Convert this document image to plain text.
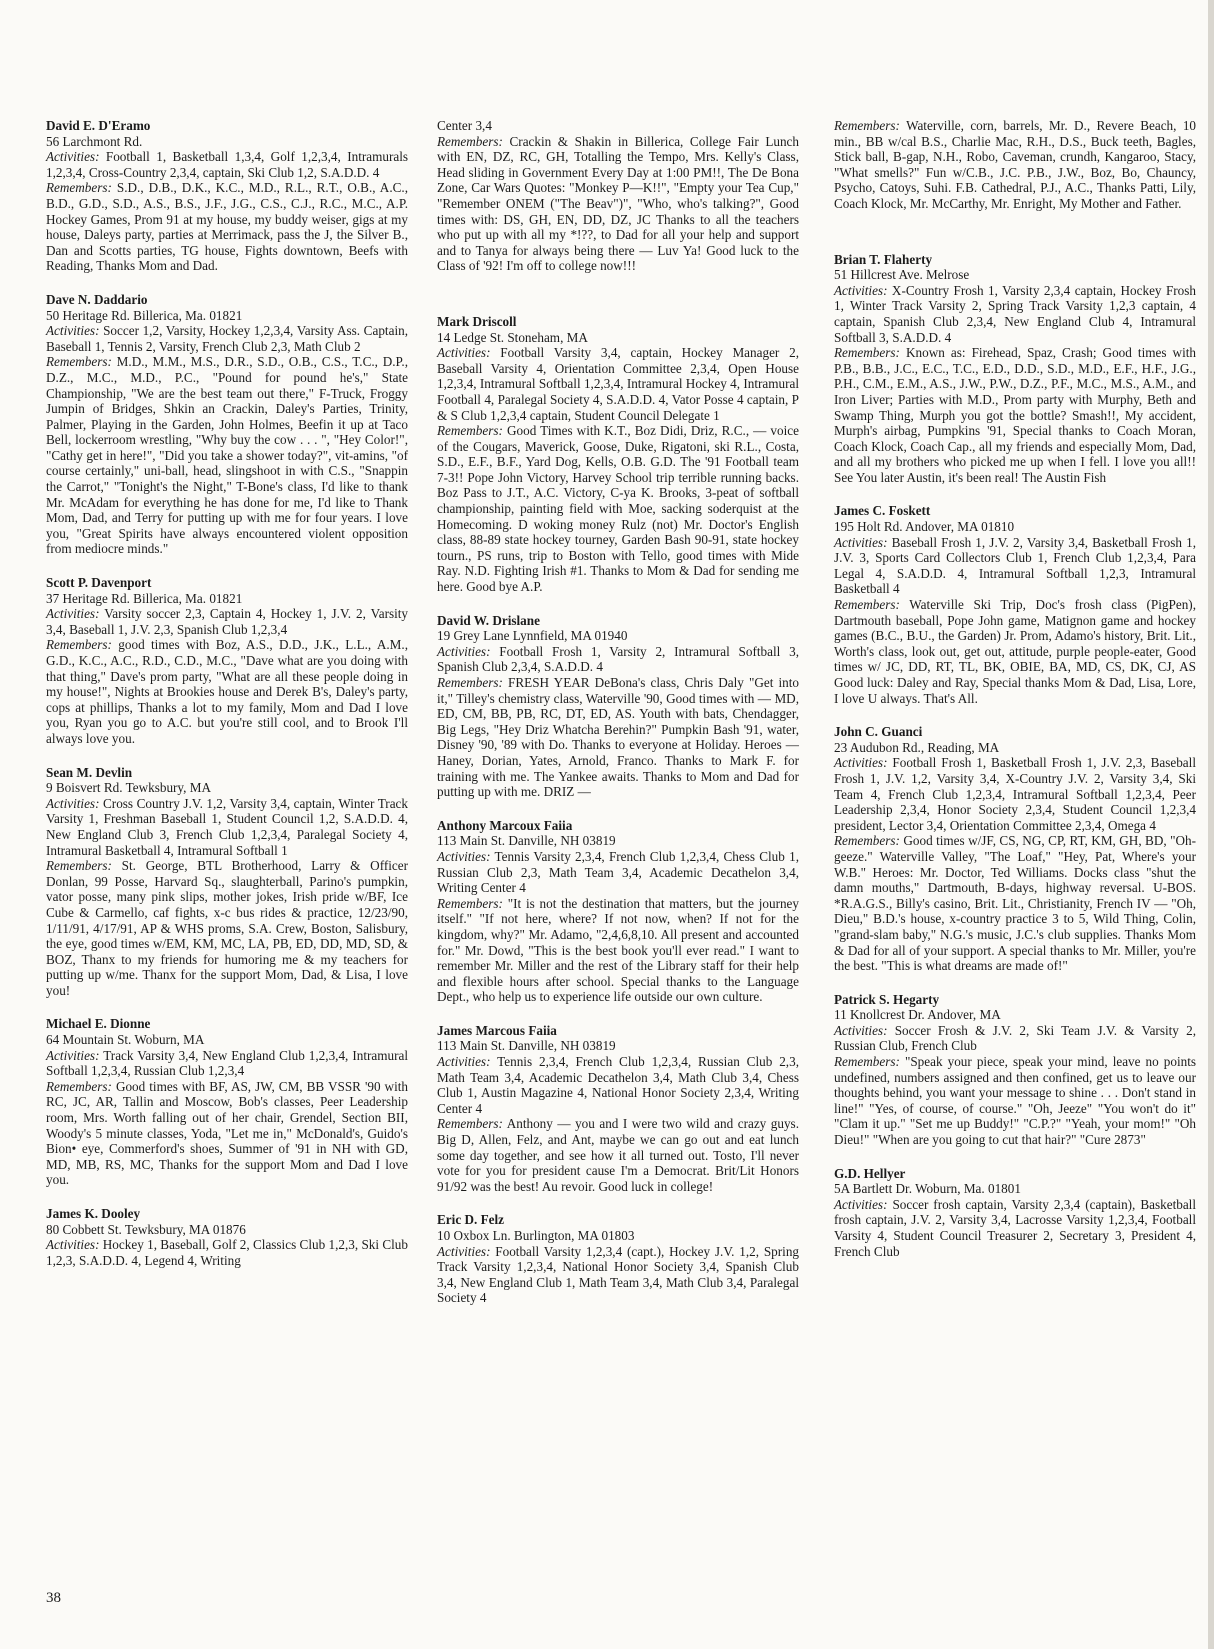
David E. D'Eramo
56 Larchmont Rd.
Activities: Football 1, Basketball 1,3,4, Golf 1,2,3,4, Intramurals 1,2,3,4, Cross-Country 2,3,4, captain, Ski Club 1,2, S.A.D.D. 4
Remembers: S.D., D.B., D.K., K.C., M.D., R.L., R.T., O.B., A.C., B.D., G.D., S.D., A.S., B.S., J.F., J.G., C.S., C.J., R.C., M.C., A.P. Hockey Games, Prom 91 at my house, my buddy weiser, gigs at my house, Daleys party, parties at Merrimack, pass the J, the Silver B., Dan and Scotts parties, TG house, Fights downtown, Beefs with Reading, Thanks Mom and Dad.
Dave N. Daddario
50 Heritage Rd. Billerica, Ma. 01821
Activities: Soccer 1,2, Varsity, Hockey 1,2,3,4, Varsity Ass. Captain, Baseball 1, Tennis 2, Varsity, French Club 2,3, Math Club 2
Remembers: M.D., M.M., M.S., D.R., S.D., O.B., C.S., T.C., D.P., D.Z., M.C., M.D., P.C., "Pound for pound he's," State Championship, "We are the best team out there," F-Truck, Froggy Jumpin of Bridges, Shkin an Crackin, Daley's Parties, Trinity, Palmer, Playing in the Garden, John Holmes, Beefin it up at Taco Bell, lockerroom wrestling, "Why buy the cow . . . ", "Hey Color!", "Cathy get in here!", "Did you take a shower today?", vit-amins, "of course certainly," uni-ball, head, slingshoot in with C.S., "Snappin the Carrot," "Tonight's the Night," T-Bone's class, I'd like to thank Mr. McAdam for everything he has done for me, I'd like to Thank Mom, Dad, and Terry for putting up with me for four years. I love you, "Great Spirits have always encountered violent opposition from mediocre minds."
Scott P. Davenport
37 Heritage Rd. Billerica, Ma. 01821
Activities: Varsity soccer 2,3, Captain 4, Hockey 1, J.V. 2, Varsity 3,4, Baseball 1, J.V. 2,3, Spanish Club 1,2,3,4
Remembers: good times with Boz, A.S., D.D., J.K., L.L., A.M., G.D., K.C., A.C., R.D., C.D., M.C., "Dave what are you doing with that thing," Dave's prom party, "What are all these people doing in my house!", Nights at Brookies house and Derek B's, Daley's party, cops at phillips, Thanks a lot to my family, Mom and Dad I love you, Ryan you go to A.C. but you're still cool, and to Brook I'll always love you.
Sean M. Devlin
9 Boisvert Rd. Tewksbury, MA
Activities: Cross Country J.V. 1,2, Varsity 3,4, captain, Winter Track Varsity 1, Freshman Baseball 1, Student Council 1,2, S.A.D.D. 4, New England Club 3, French Club 1,2,3,4, Paralegal Society 4, Intramural Basketball 4, Intramural Softball 1
Remembers: St. George, BTL Brotherhood, Larry & Officer Donlan, 99 Posse, Harvard Sq., slaughterball, Parino's pumpkin, vator posse, many pink slips, mother jokes, Irish pride w/BF, Ice Cube & Carmello, caf fights, x-c bus rides & practice, 12/23/90, 1/11/91, 4/17/91, AP & WHS proms, S.A. Crew, Boston, Salisbury, the eye, good times w/EM, KM, MC, LA, PB, ED, DD, MD, SD, & BOZ, Thanx to my friends for humoring me & my teachers for putting up w/me. Thanx for the support Mom, Dad, & Lisa, I love you!
Michael E. Dionne
64 Mountain St. Woburn, MA
Activities: Track Varsity 3,4, New England Club 1,2,3,4, Intramural Softball 1,2,3,4, Russian Club 1,2,3,4
Remembers: Good times with BF, AS, JW, CM, BB VSSR '90 with RC, JC, AR, Tallin and Moscow, Bob's classes, Peer Leadership room, Mrs. Worth falling out of her chair, Grendel, Section BII, Woody's 5 minute classes, Yoda, "Let me in," McDonald's, Guido's Bion• eye, Commerford's shoes, Summer of '91 in NH with GD, MD, MB, RS, MC, Thanks for the support Mom and Dad I love you.
James K. Dooley
80 Cobbett St. Tewksbury, MA 01876
Activities: Hockey 1, Baseball, Golf 2, Classics Club 1,2,3, Ski Club 1,2,3, S.A.D.D. 4, Legend 4, Writing
Center 3,4
Remembers: Crackin & Shakin in Billerica, College Fair Lunch with EN, DZ, RC, GH, Totalling the Tempo, Mrs. Kelly's Class, Head sliding in Government Every Day at 1:00 PM!!, The De Bona Zone, Car Wars Quotes: "Monkey P—K!!", "Empty your Tea Cup," "Remember ONEM ("The Beav")", "Who, who's talking?", Good times with: DS, GH, EN, DD, DZ, JC Thanks to all the teachers who put up with all my *!??, to Dad for all your help and support and to Tanya for always being there — Luv Ya! Good luck to the Class of '92! I'm off to college now!!!
Mark Driscoll
14 Ledge St. Stoneham, MA
Activities: Football Varsity 3,4, captain, Hockey Manager 2, Baseball Varsity 4, Orientation Committee 2,3,4, Open House 1,2,3,4, Intramural Softball 1,2,3,4, Intramural Hockey 4, Intramural Football 4, Paralegal Society 4, S.A.D.D. 4, Vator Posse 4 captain, P & S Club 1,2,3,4 captain, Student Council Delegate 1
Remembers: Good Times with K.T., Boz Didi, Driz, R.C., — voice of the Cougars, Maverick, Goose, Duke, Rigatoni, ski R.L., Costa, S.D., E.F., B.F., Yard Dog, Kells, O.B. G.D. The '91 Football team 7-3!! Pope John Victory, Harvey School trip terrible running backs. Boz Pass to J.T., A.C. Victory, C-ya K. Brooks, 3-peat of softball championship, painting field with Moe, sacking soderquist at the Homecoming. D woking money Rulz (not) Mr. Doctor's English class, 88-89 state hockey tourney, Garden Bash 90-91, state hockey tourn., PS runs, trip to Boston with Tello, good times with Mide Ray. N.D. Fighting Irish #1. Thanks to Mom & Dad for sending me here. Good bye A.P.
David W. Drislane
19 Grey Lane Lynnfield, MA 01940
Activities: Football Frosh 1, Varsity 2, Intramural Softball 3, Spanish Club 2,3,4, S.A.D.D. 4
Remembers: FRESH YEAR DeBona's class, Chris Daly "Get into it," Tilley's chemistry class, Waterville '90, Good times with — MD, ED, CM, BB, PB, RC, DT, ED, AS. Youth with bats, Chendagger, Big Legs, "Hey Driz Whatcha Berehin?" Pumpkin Bash '91, water, Disney '90, '89 with Do. Thanks to everyone at Holiday. Heroes — Haney, Dorian, Yates, Arnold, Franco. Thanks to Mark F. for training with me. The Yankee awaits. Thanks to Mom and Dad for putting up with me. DRIZ —
Anthony Marcoux Faiia
113 Main St. Danville, NH 03819
Activities: Tennis Varsity 2,3,4, French Club 1,2,3,4, Chess Club 1, Russian Club 2,3, Math Team 3,4, Academic Decathelon 3,4, Writing Center 4
Remembers: "It is not the destination that matters, but the journey itself." "If not here, where? If not now, when? If not for the kingdom, why?" Mr. Adamo, "2,4,6,8,10. All present and accounted for." Mr. Dowd, "This is the best book you'll ever read." I want to remember Mr. Miller and the rest of the Library staff for their help and flexible hours after school. Special thanks to the Language Dept., who help us to experience life outside our own culture.
James Marcous Faiia
113 Main St. Danville, NH 03819
Activities: Tennis 2,3,4, French Club 1,2,3,4, Russian Club 2,3, Math Team 3,4, Academic Decathelon 3,4, Math Club 3,4, Chess Club 1, Austin Magazine 4, National Honor Society 2,3,4, Writing Center 4
Remembers: Anthony — you and I were two wild and crazy guys. Big D, Allen, Felz, and Ant, maybe we can go out and eat lunch some day together, and see how it all turned out. Tosto, I'll never vote for you for president cause I'm a Democrat. Brit/Lit Honors 91/92 was the best! Au revoir. Good luck in college!
Eric D. Felz
10 Oxbox Ln. Burlington, MA 01803
Activities: Football Varsity 1,2,3,4 (capt.), Hockey J.V. 1,2, Spring Track Varsity 1,2,3,4, National Honor Society 3,4, Spanish Club 3,4, New England Club 1, Math Team 3,4, Math Club 3,4, Paralegal Society 4
Remembers: Waterville, corn, barrels, Mr. D., Revere Beach, 10 min., BB w/cal B.S., Charlie Mac, R.H., D.S., Buck teeth, Bagles, Stick ball, B-gap, N.H., Robo, Caveman, crundh, Kangaroo, Stacy, "What smells?" Fun w/C.B., J.C. P.B., J.W., Boz, Bo, Chauncy, Psycho, Catoys, Suhi. F.B. Cathedral, P.J., A.C., Thanks Patti, Lily, Coach Klock, Mr. McCarthy, Mr. Enright, My Mother and Father.
Brian T. Flaherty
51 Hillcrest Ave. Melrose
Activities: X-Country Frosh 1, Varsity 2,3,4 captain, Hockey Frosh 1, Winter Track Varsity 2, Spring Track Varsity 1,2,3 captain, 4 captain, Spanish Club 2,3,4, New England Club 4, Intramural Softball 3, S.A.D.D. 4
Remembers: Known as: Firehead, Spaz, Crash; Good times with P.B., B.B., J.C., E.C., T.C., E.D., D.D., S.D., M.D., E.F., H.F., J.G., P.H., C.M., E.M., A.S., J.W., P.W., D.Z., P.F., M.C., M.S., A.M., and Iron Liver; Parties with M.D., Prom party with Murphy, Beth and Swamp Thing, Murph you got the bottle? Smash!!, My accident, Murph's airbag, Pumpkins '91, Special thanks to Coach Moran, Coach Klock, Coach Cap., all my friends and especially Mom, Dad, and all my brothers who picked me up when I fell. I love you all!! See You later Austin, it's been real! The Austin Fish
James C. Foskett
195 Holt Rd. Andover, MA 01810
Activities: Baseball Frosh 1, J.V. 2, Varsity 3,4, Basketball Frosh 1, J.V. 3, Sports Card Collectors Club 1, French Club 1,2,3,4, Para Legal 4, S.A.D.D. 4, Intramural Softball 1,2,3, Intramural Basketball 4
Remembers: Waterville Ski Trip, Doc's frosh class (PigPen), Dartmouth baseball, Pope John game, Matignon game and hockey games (B.C., B.U., the Garden) Jr. Prom, Adamo's history, Brit. Lit., Worth's class, look out, get out, attitude, purple people-eater, Good times w/ JC, DD, RT, TL, BK, OBIE, BA, MD, CS, DK, CJ, AS Good luck: Daley and Ray, Special thanks Mom & Dad, Lisa, Lore, I love U always. That's All.
John C. Guanci
23 Audubon Rd., Reading, MA
Activities: Football Frosh 1, Basketball Frosh 1, J.V. 2,3, Baseball Frosh 1, J.V. 1,2, Varsity 3,4, X-Country J.V. 2, Varsity 3,4, Ski Team 4, French Club 1,2,3,4, Intramural Softball 1,2,3,4, Peer Leadership 2,3,4, Honor Society 2,3,4, Student Council 1,2,3,4 president, Lector 3,4, Orientation Committee 2,3,4, Omega 4
Remembers: Good times w/JF, CS, NG, CP, RT, KM, GH, BD, "Oh-geeze." Waterville Valley, "The Loaf," "Hey, Pat, Where's your W.B." Heroes: Mr. Doctor, Ted Williams. Docks class "shut the damn mouths," Dartmouth, B-days, highway reversal. U-BOS. *R.A.G.S., Billy's casino, Brit. Lit., Christianity, French IV — "Oh, Dieu," B.D.'s house, x-country practice 3 to 5, Wild Thing, Colin, "grand-slam baby," N.G.'s music, J.C.'s club supplies. Thanks Mom & Dad for all of your support. A special thanks to Mr. Miller, you're the best. "This is what dreams are made of!"
Patrick S. Hegarty
11 Knollcrest Dr. Andover, MA
Activities: Soccer Frosh & J.V. 2, Ski Team J.V. & Varsity 2, Russian Club, French Club
Remembers: "Speak your piece, speak your mind, leave no points undefined, numbers assigned and then confined, get us to leave our thoughts behind, you want your message to shine . . . Don't stand in line!" "Yes, of course, of course." "Oh, Jeeze" "You won't do it" "Clam it up." "Set me up Buddy!" "C.P.?" "Yeah, your mom!" "Oh Dieu!" "When are you going to cut that hair?" "Cure 2873"
G.D. Hellyer
5A Bartlett Dr. Woburn, Ma. 01801
Activities: Soccer frosh captain, Varsity 2,3,4 (captain), Basketball frosh captain, J.V. 2, Varsity 3,4, Lacrosse Varsity 1,2,3,4, Football Varsity 4, Student Council Treasurer 2, Secretary 3, President 4, French Club
38
